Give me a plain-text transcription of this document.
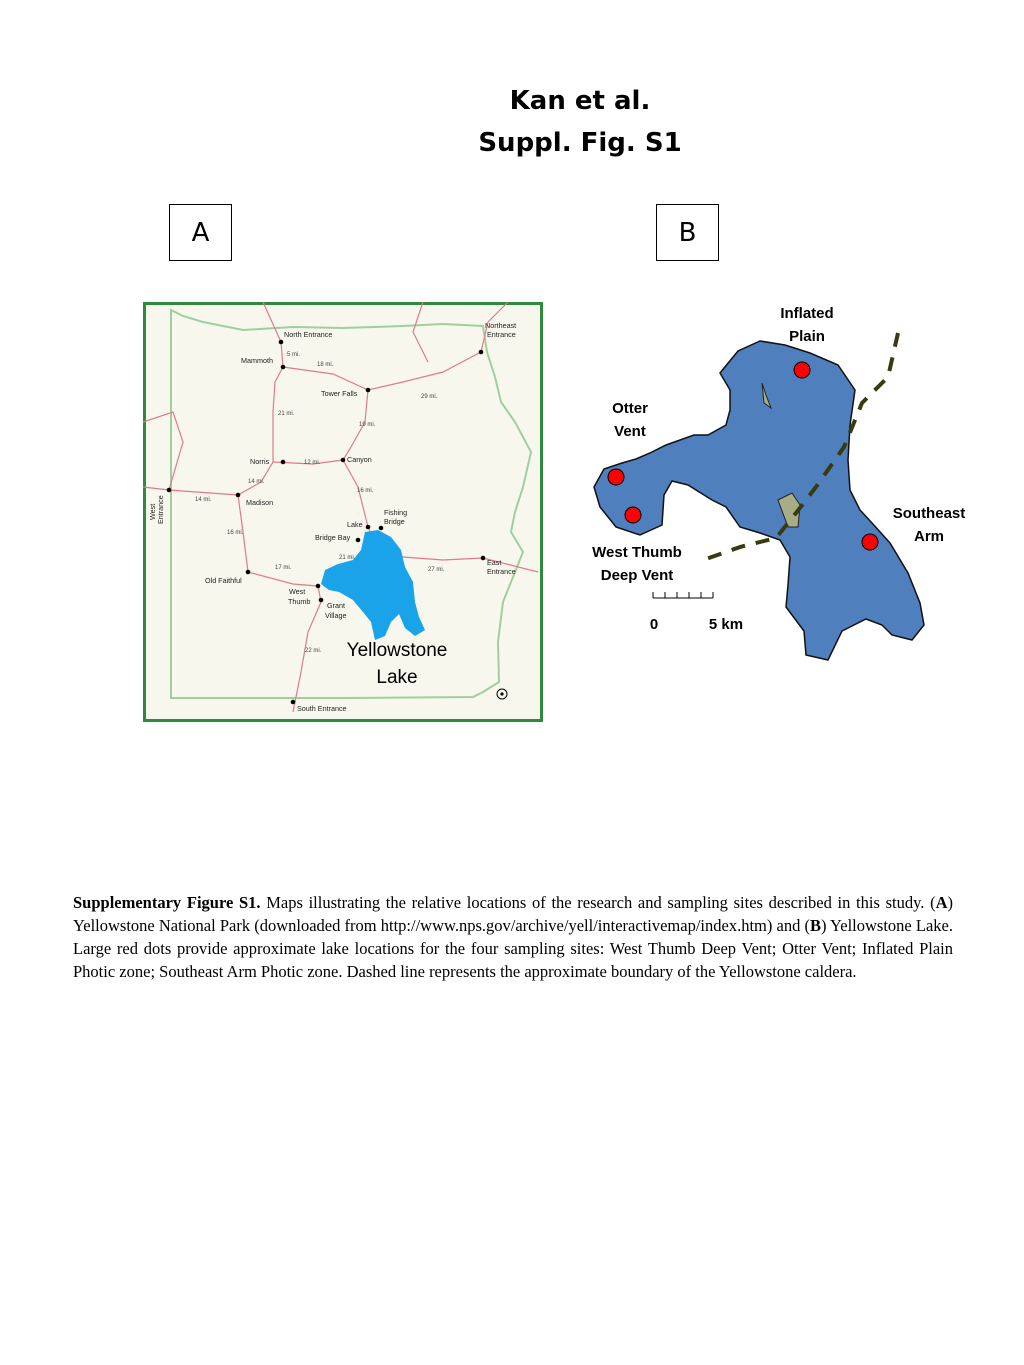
Kan et al.
Suppl. Fig. S1
A	B
North Entrance
Northeast
Entrance
Mammoth
Tower Falls
Norris	Canyon
West Entrance	Madison
Fishing
Bridge
Lake
Bridge Bay
East
Entrance
Old Faithful
West
Thumb Grant
Village
South Entrance
5 mi.
18 mi.
29 mi.
21 mi.
19 mi.
12 mi.
14 mi.
14 mi.
16 mi.
16 mi.
21 mi.
17 mi.	27 mi.
22 mi. Yellowstone
Lake
Inflated
Plain
Otter
Vent
West Thumb
Deep Vent
Southeast
Arm
0	5 km
Supplementary Figure S1. Maps illustrating the relative locations of the research and sampling sites described in this study. (A) Yellowstone National Park (downloaded from http://www.nps.gov/archive/yell/interactivemap/index.htm) and (B) Yellowstone Lake. Large red dots provide approximate lake locations for the four sampling sites: West Thumb Deep Vent; Otter Vent; Inflated Plain Photic zone; Southeast Arm Photic zone. Dashed line represents the approximate boundary of the Yellowstone caldera.
